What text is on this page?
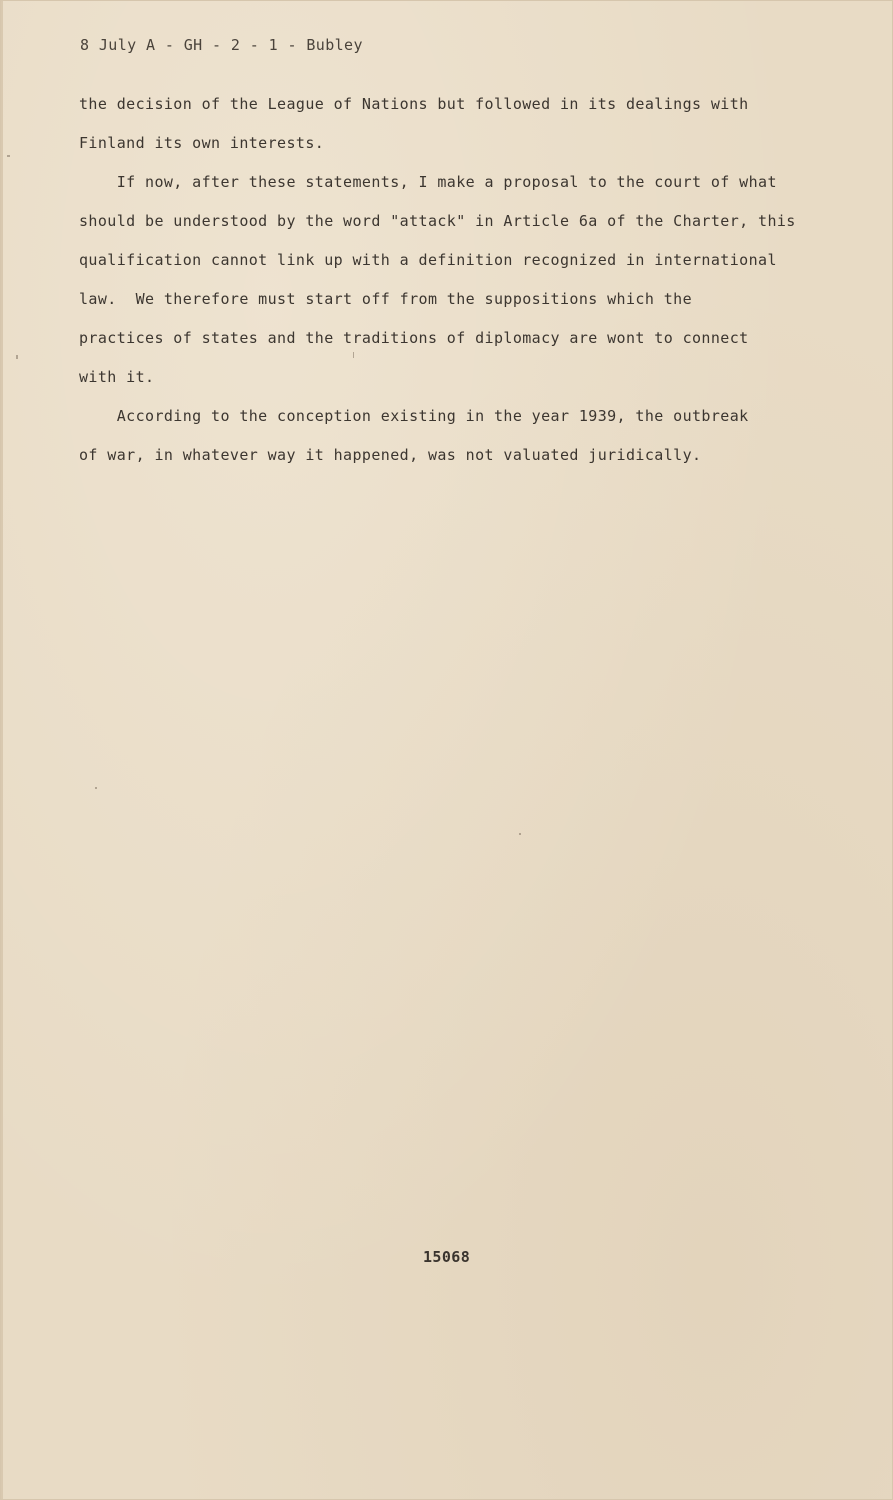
8 July A - GH - 2 - 1 - Bubley
the decision of the League of Nations but followed in its dealings with
Finland its own interests.
If now, after these statements, I make a proposal to the court of what
should be understood by the word "attack" in Article 6a of the Charter, this
qualification cannot link up with a definition recognized in international
law.  We therefore must start off from the suppositions which the
practices of states and the traditions of diplomacy are wont to connect
with it.
According to the conception existing in the year 1939, the outbreak
of war, in whatever way it happened, was not valuated juridically.
15068
